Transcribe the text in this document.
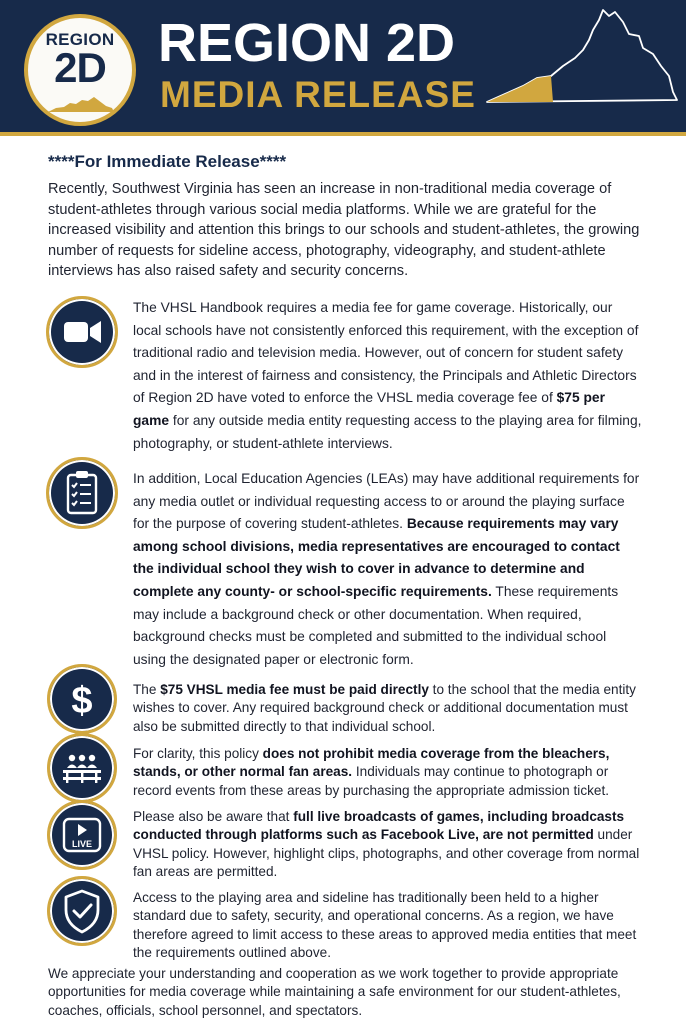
REGION
2D REGION 2D
MEDIA RELEASE
****For Immediate Release****
Recently, Southwest Virginia has seen an increase in non-traditional media coverage of student-athletes through various social media platforms. While we are grateful for the increased visibility and attention this brings to our schools and student-athletes, the growing number of requests for sideline access, photography, videography, and student-athlete interviews has also raised safety and security concerns.
$
LIVE
The VHSL Handbook requires a media fee for game coverage. Historically, our local schools have not consistently enforced this requirement, with the exception of traditional radio and television media. However, out of concern for student safety and in the interest of fairness and consistency, the Principals and Athletic Directors of Region 2D have voted to enforce the VHSL media coverage fee of $75 per game for any outside media entity requesting access to the playing area for filming, photography, or student-athlete interviews.
In addition, Local Education Agencies (LEAs) may have additional requirements for any media outlet or individual requesting access to or around the playing surface for the purpose of covering student-athletes. Because requirements may vary among school divisions, media representatives are encouraged to contact the individual school they wish to cover in advance to determine and complete any county- or school-specific requirements. These requirements may include a background check or other documentation. When required, background checks must be completed and submitted to the individual school using the designated paper or electronic form.
The $75 VHSL media fee must be paid directly to the school that the media entity wishes to cover. Any required background check or additional documentation must also be submitted directly to that individual school.
For clarity, this policy does not prohibit media coverage from the bleachers, stands, or other normal fan areas. Individuals may continue to photograph or record events from these areas by purchasing the appropriate admission ticket.
Please also be aware that full live broadcasts of games, including broadcasts conducted through platforms such as Facebook Live, are not permitted under VHSL policy. However, highlight clips, photographs, and other coverage from normal fan areas are permitted.
Access to the playing area and sideline has traditionally been held to a higher standard due to safety, security, and operational concerns. As a region, we have therefore agreed to limit access to these areas to approved media entities that meet the requirements outlined above.
We appreciate your understanding and cooperation as we work together to provide appropriate opportunities for media coverage while maintaining a safe environment for our student-athletes, coaches, officials, school personnel, and spectators.
